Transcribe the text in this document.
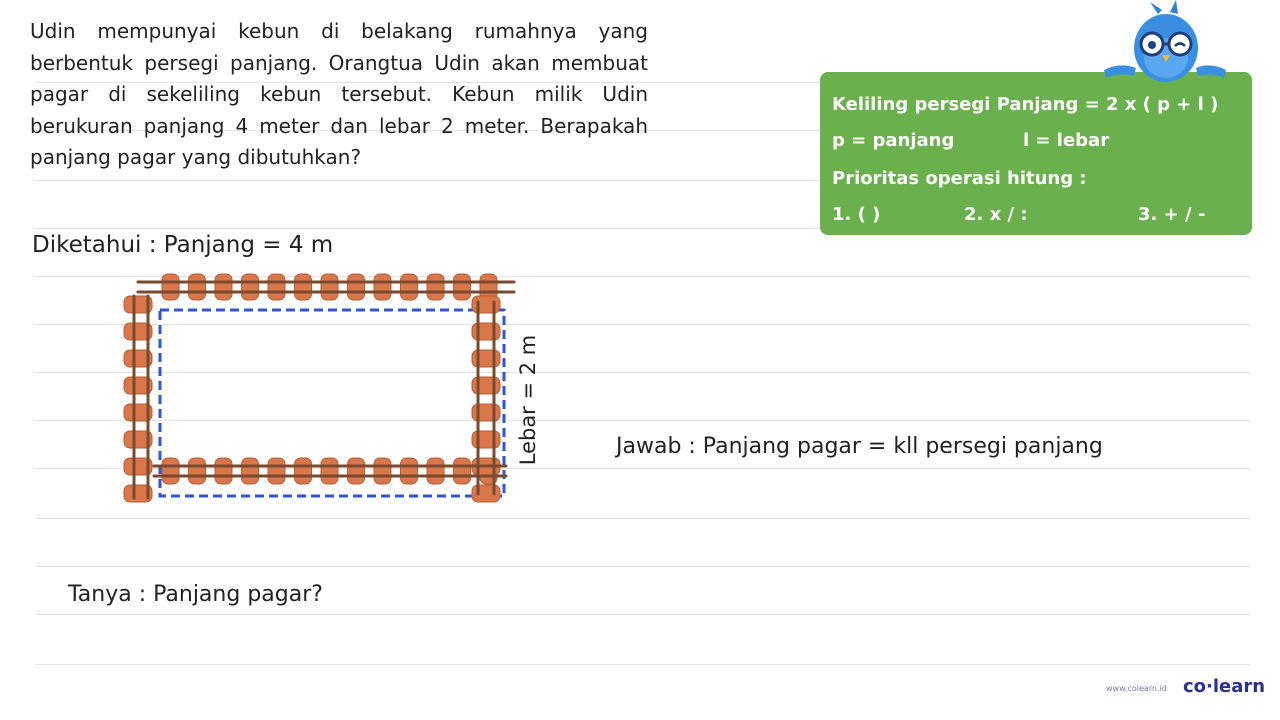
Udin mempunyai kebun di belakang rumahnya yang berbentuk persegi panjang. Orangtua Udin akan membuat pagar di sekeliling kebun tersebut. Kebun milik Udin berukuran panjang 4 meter dan lebar 2 meter. Berapakah panjang pagar yang dibutuhkan?
Diketahui : Panjang = 4 m
Lebar = 2 m	Jawab : Panjang pagar = kll persegi panjang
Tanya : Panjang pagar?
Keliling persegi Panjang = 2 x ( p + l )
p = panjang	l = lebar
Prioritas operasi hitung :
1. ( )	2. x / :	3. + / -
www.colearn.id co·learn
